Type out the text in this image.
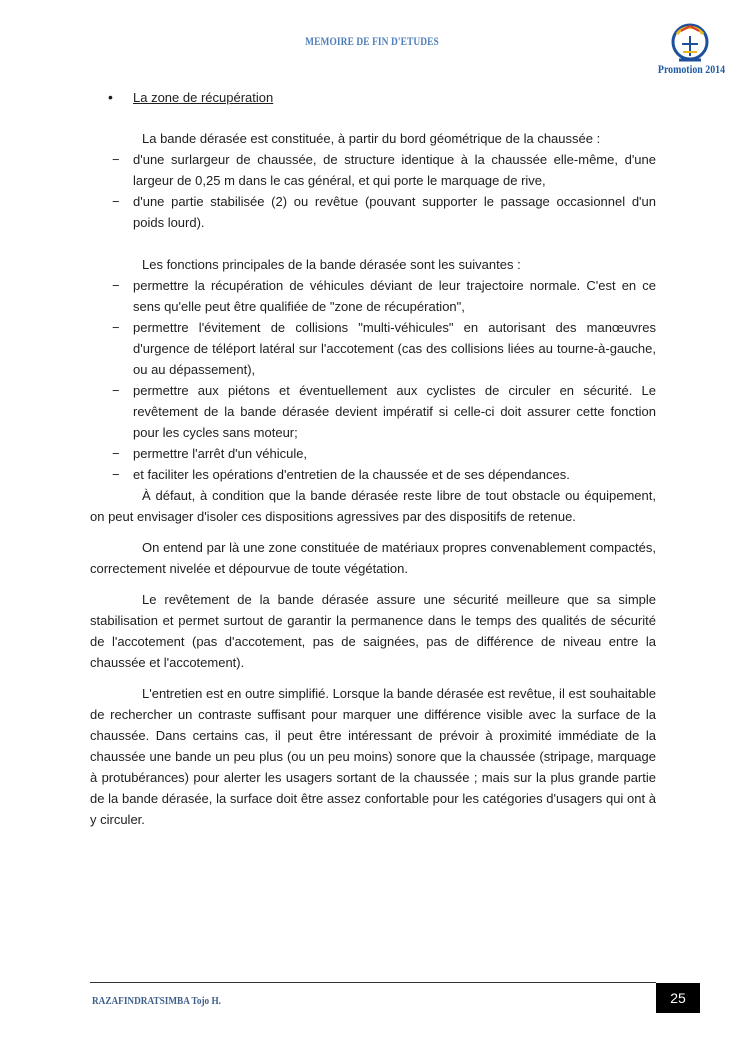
MEMOIRE DE FIN D'ETUDES
Promotion 2014
•	La zone de récupération

La bande dérasée est constituée, à partir du bord géométrique de la chaussée :

− d'une surlargeur de chaussée, de structure identique à la chaussée elle-même, d'une largeur de 0,25 m dans le cas général, et qui porte le marquage de rive,
− d'une partie stabilisée (2) ou revêtue (pouvant supporter le passage occasionnel d'un poids lourd).

Les fonctions principales de la bande dérasée sont les suivantes :

− permettre la récupération de véhicules déviant de leur trajectoire normale. C'est en ce sens qu'elle peut être qualifiée de "zone de récupération",
− permettre l'évitement de collisions "multi-véhicules" en autorisant des manœuvres d'urgence de téléport latéral sur l'accotement (cas des collisions liées au tourne-à-gauche, ou au dépassement),
− permettre aux piétons et éventuellement aux cyclistes de circuler en sécurité. Le revêtement de la bande dérasée devient impératif si celle-ci doit assurer cette fonction pour les cycles sans moteur;
− permettre l'arrêt d'un véhicule,
− et faciliter les opérations d'entretien de la chaussée et de ses dépendances.

À défaut, à condition que la bande dérasée reste libre de tout obstacle ou équipement, on peut envisager d'isoler ces dispositions agressives par des dispositifs de retenue.

On entend par là une zone constituée de matériaux propres convenablement compactés, correctement nivelée et dépourvue de toute végétation.

Le revêtement de la bande dérasée assure une sécurité meilleure que sa simple stabilisation et permet surtout de garantir la permanence dans le temps des qualités de sécurité de l'accotement (pas d'accotement, pas de saignées, pas de différence de niveau entre la chaussée et l'accotement).

L'entretien est en outre simplifié. Lorsque la bande dérasée est revêtue, il est souhaitable de rechercher un contraste suffisant pour marquer une différence visible avec la surface de la chaussée. Dans certains cas, il peut être intéressant de prévoir à proximité immédiate de la chaussée une bande un peu plus (ou un peu moins) sonore que la chaussée (stripage, marquage à protubérances) pour alerter les usagers sortant de la chaussée ; mais sur la plus grande partie de la bande dérasée, la surface doit être assez confortable pour les catégories d'usagers qui ont à y circuler.

RAZAFINDRATSIMBA Tojo H.	25
